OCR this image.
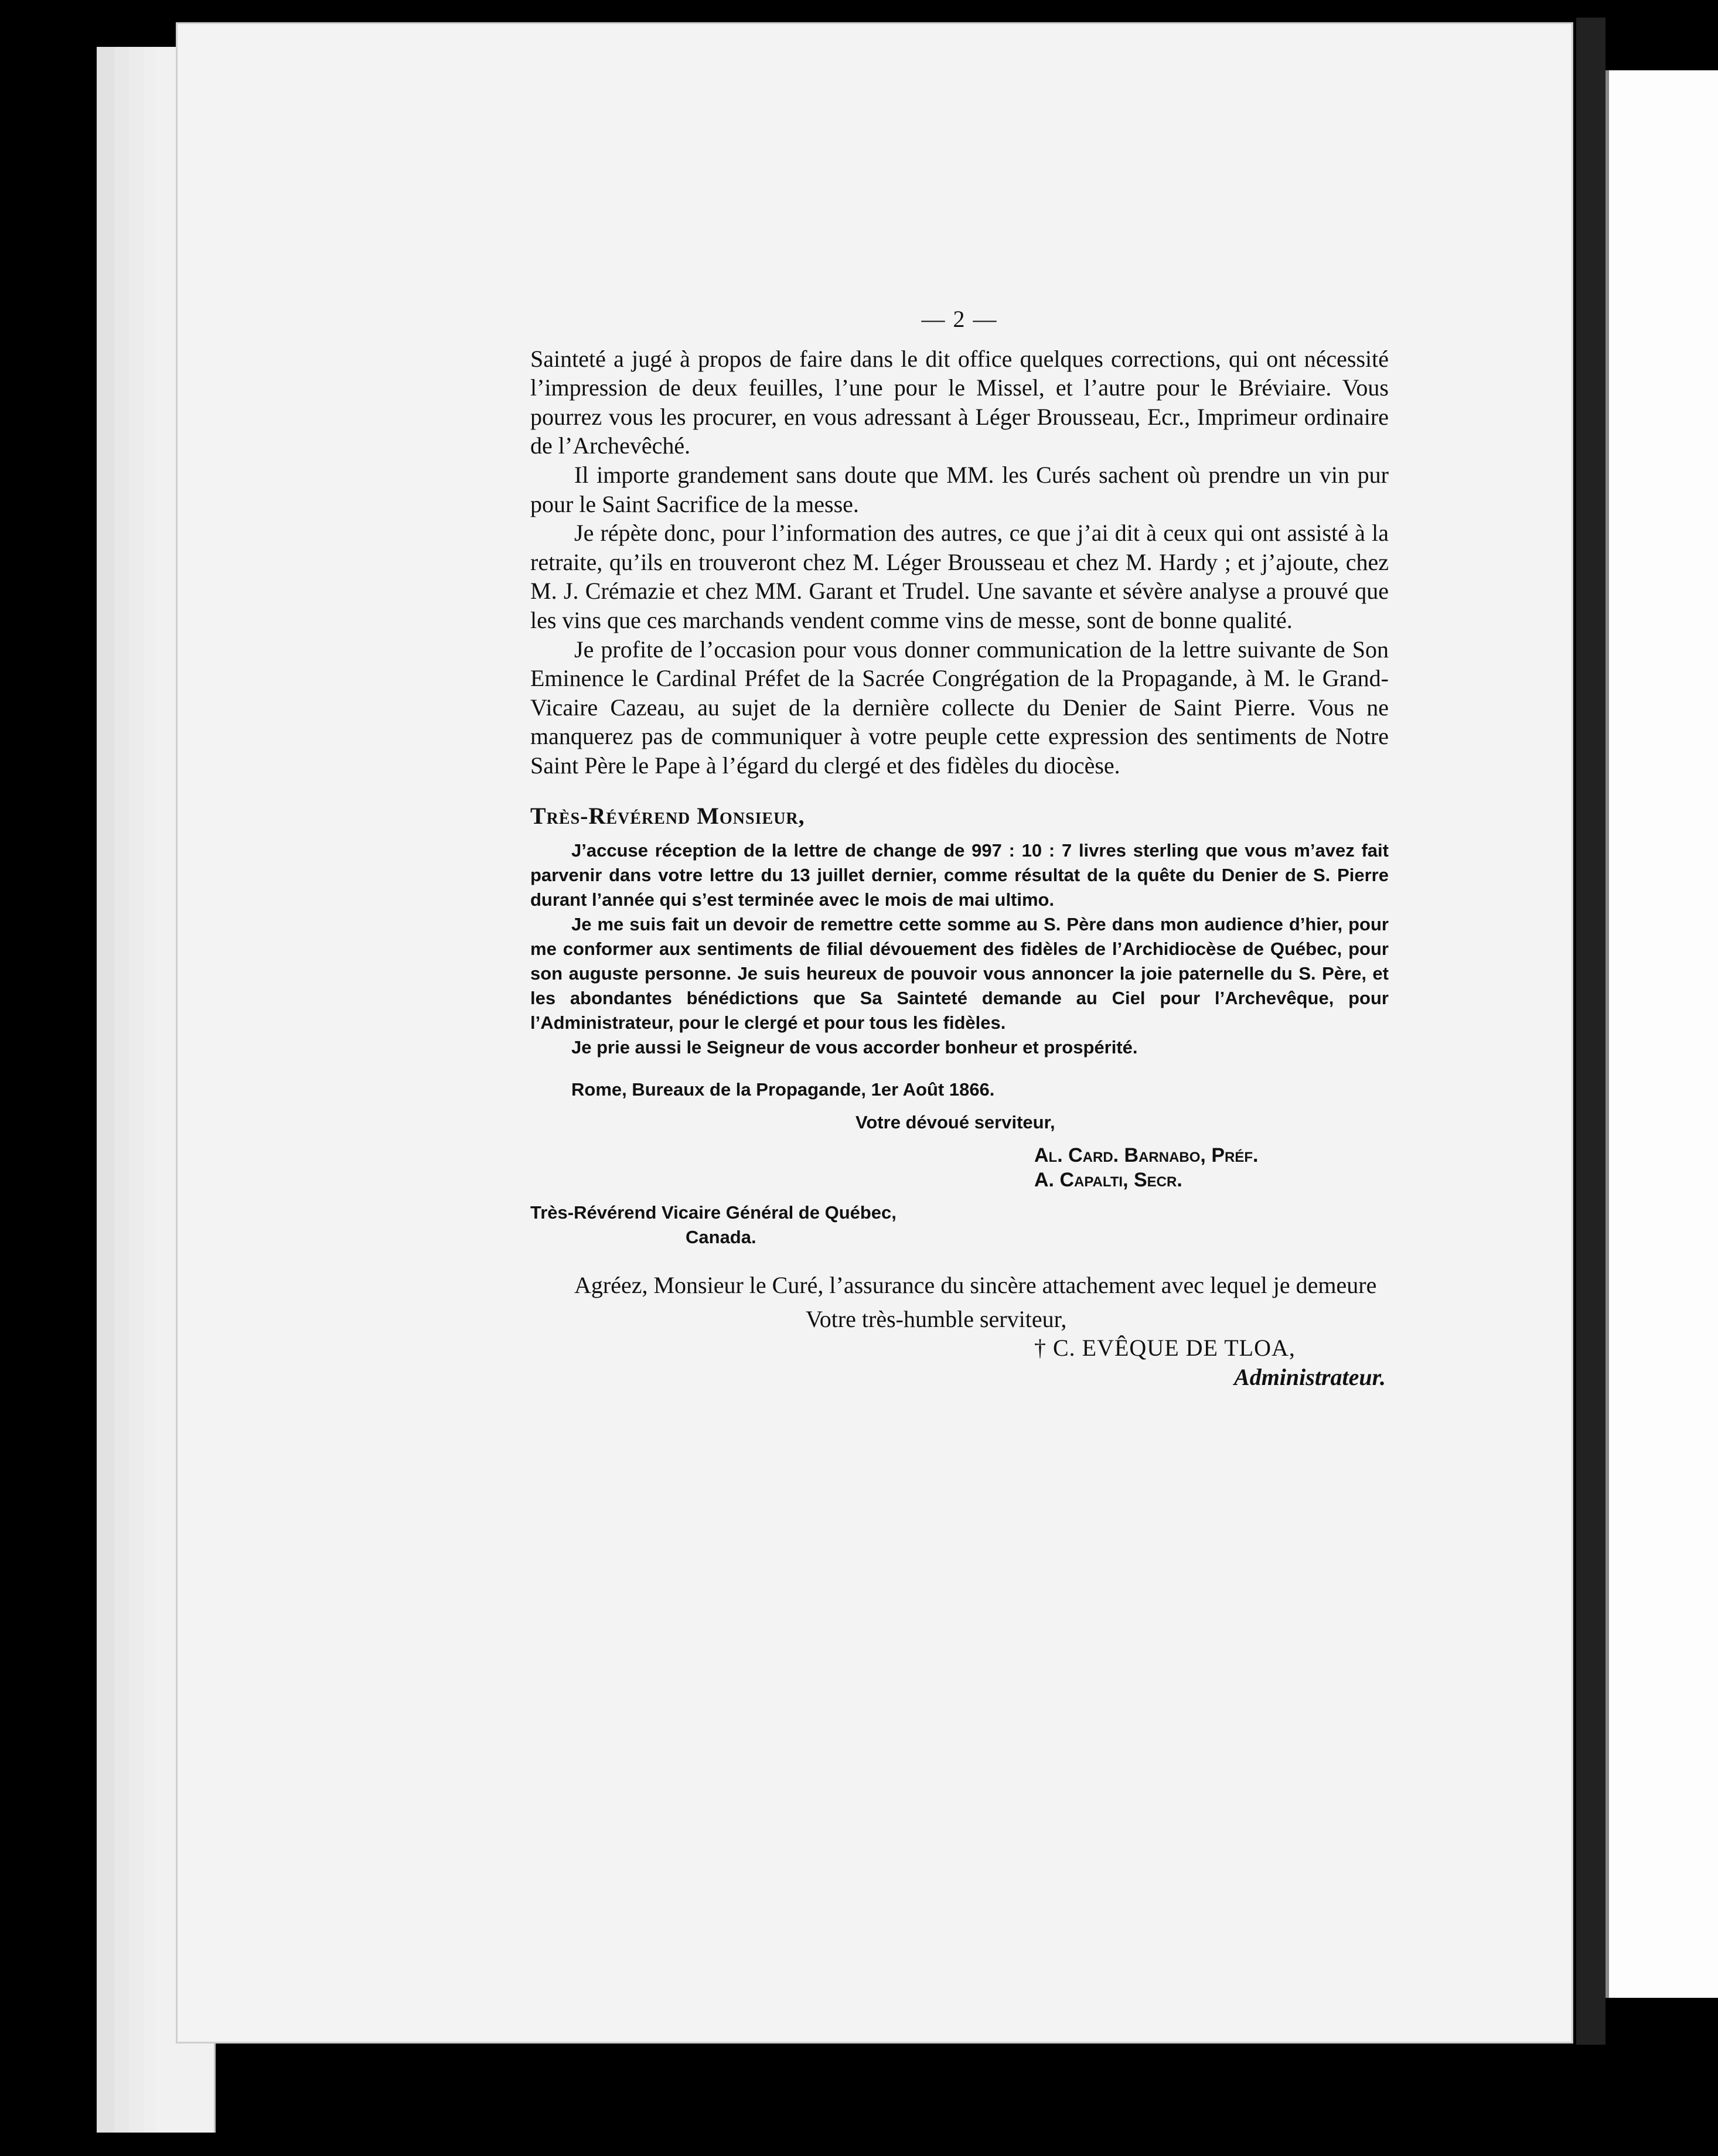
— 2 —

Sainteté a jugé à propos de faire dans le dit office quelques corrections, qui ont nécessité l’impression de deux feuilles, l’une pour le Missel, et l’autre pour le Bréviaire. Vous pourrez vous les procurer, en vous adressant à Léger Brousseau, Ecr., Imprimeur ordinaire de l’Archevêché.

Il importe grandement sans doute que MM. les Curés sachent où prendre un vin pur pour le Saint Sacrifice de la messe.

Je répète donc, pour l’information des autres, ce que j’ai dit à ceux qui ont assisté à la retraite, qu’ils en trouveront chez M. Léger Brousseau et chez M. Hardy ; et j’ajoute, chez M. J. Crémazie et chez MM. Garant et Trudel. Une savante et sévère analyse a prouvé que les vins que ces marchands vendent comme vins de messe, sont de bonne qualité.

Je profite de l’occasion pour vous donner communication de la lettre suivante de Son Eminence le Cardinal Préfet de la Sacrée Congrégation de la Propagande, à M. le Grand-Vicaire Cazeau, au sujet de la dernière collecte du Denier de Saint Pierre. Vous ne manquerez pas de communiquer à votre peuple cette expression des sentiments de Notre Saint Père le Pape à l’égard du clergé et des fidèles du diocèse.

Très-Révérend Monsieur,

J’accuse réception de la lettre de change de 997 : 10 : 7 livres sterling que vous m’avez fait parvenir dans votre lettre du 13 juillet dernier, comme résultat de la quête du Denier de S. Pierre durant l’année qui s’est terminée avec le mois de mai ultimo.

Je me suis fait un devoir de remettre cette somme au S. Père dans mon audience d’hier, pour me conformer aux sentiments de filial dévouement des fidèles de l’Archidiocèse de Québec, pour son auguste personne. Je suis heureux de pouvoir vous annoncer la joie paternelle du S. Père, et les abondantes bénédictions que Sa Sainteté demande au Ciel pour l’Archevêque, pour l’Administrateur, pour le clergé et pour tous les fidèles.

Je prie aussi le Seigneur de vous accorder bonheur et prospérité.

Rome, Bureaux de la Propagande, 1er Août 1866.
Votre dévoué serviteur,
Al. Card. Barnabo, Préf.
A. Capalti, Secr.
Très-Révérend Vicaire Général de Québec,
Canada.

Agréez, Monsieur le Curé, l’assurance du sincère attachement avec lequel je demeure

Votre très-humble serviteur,
† C. EVÊQUE DE TLOA,
Administrateur.
